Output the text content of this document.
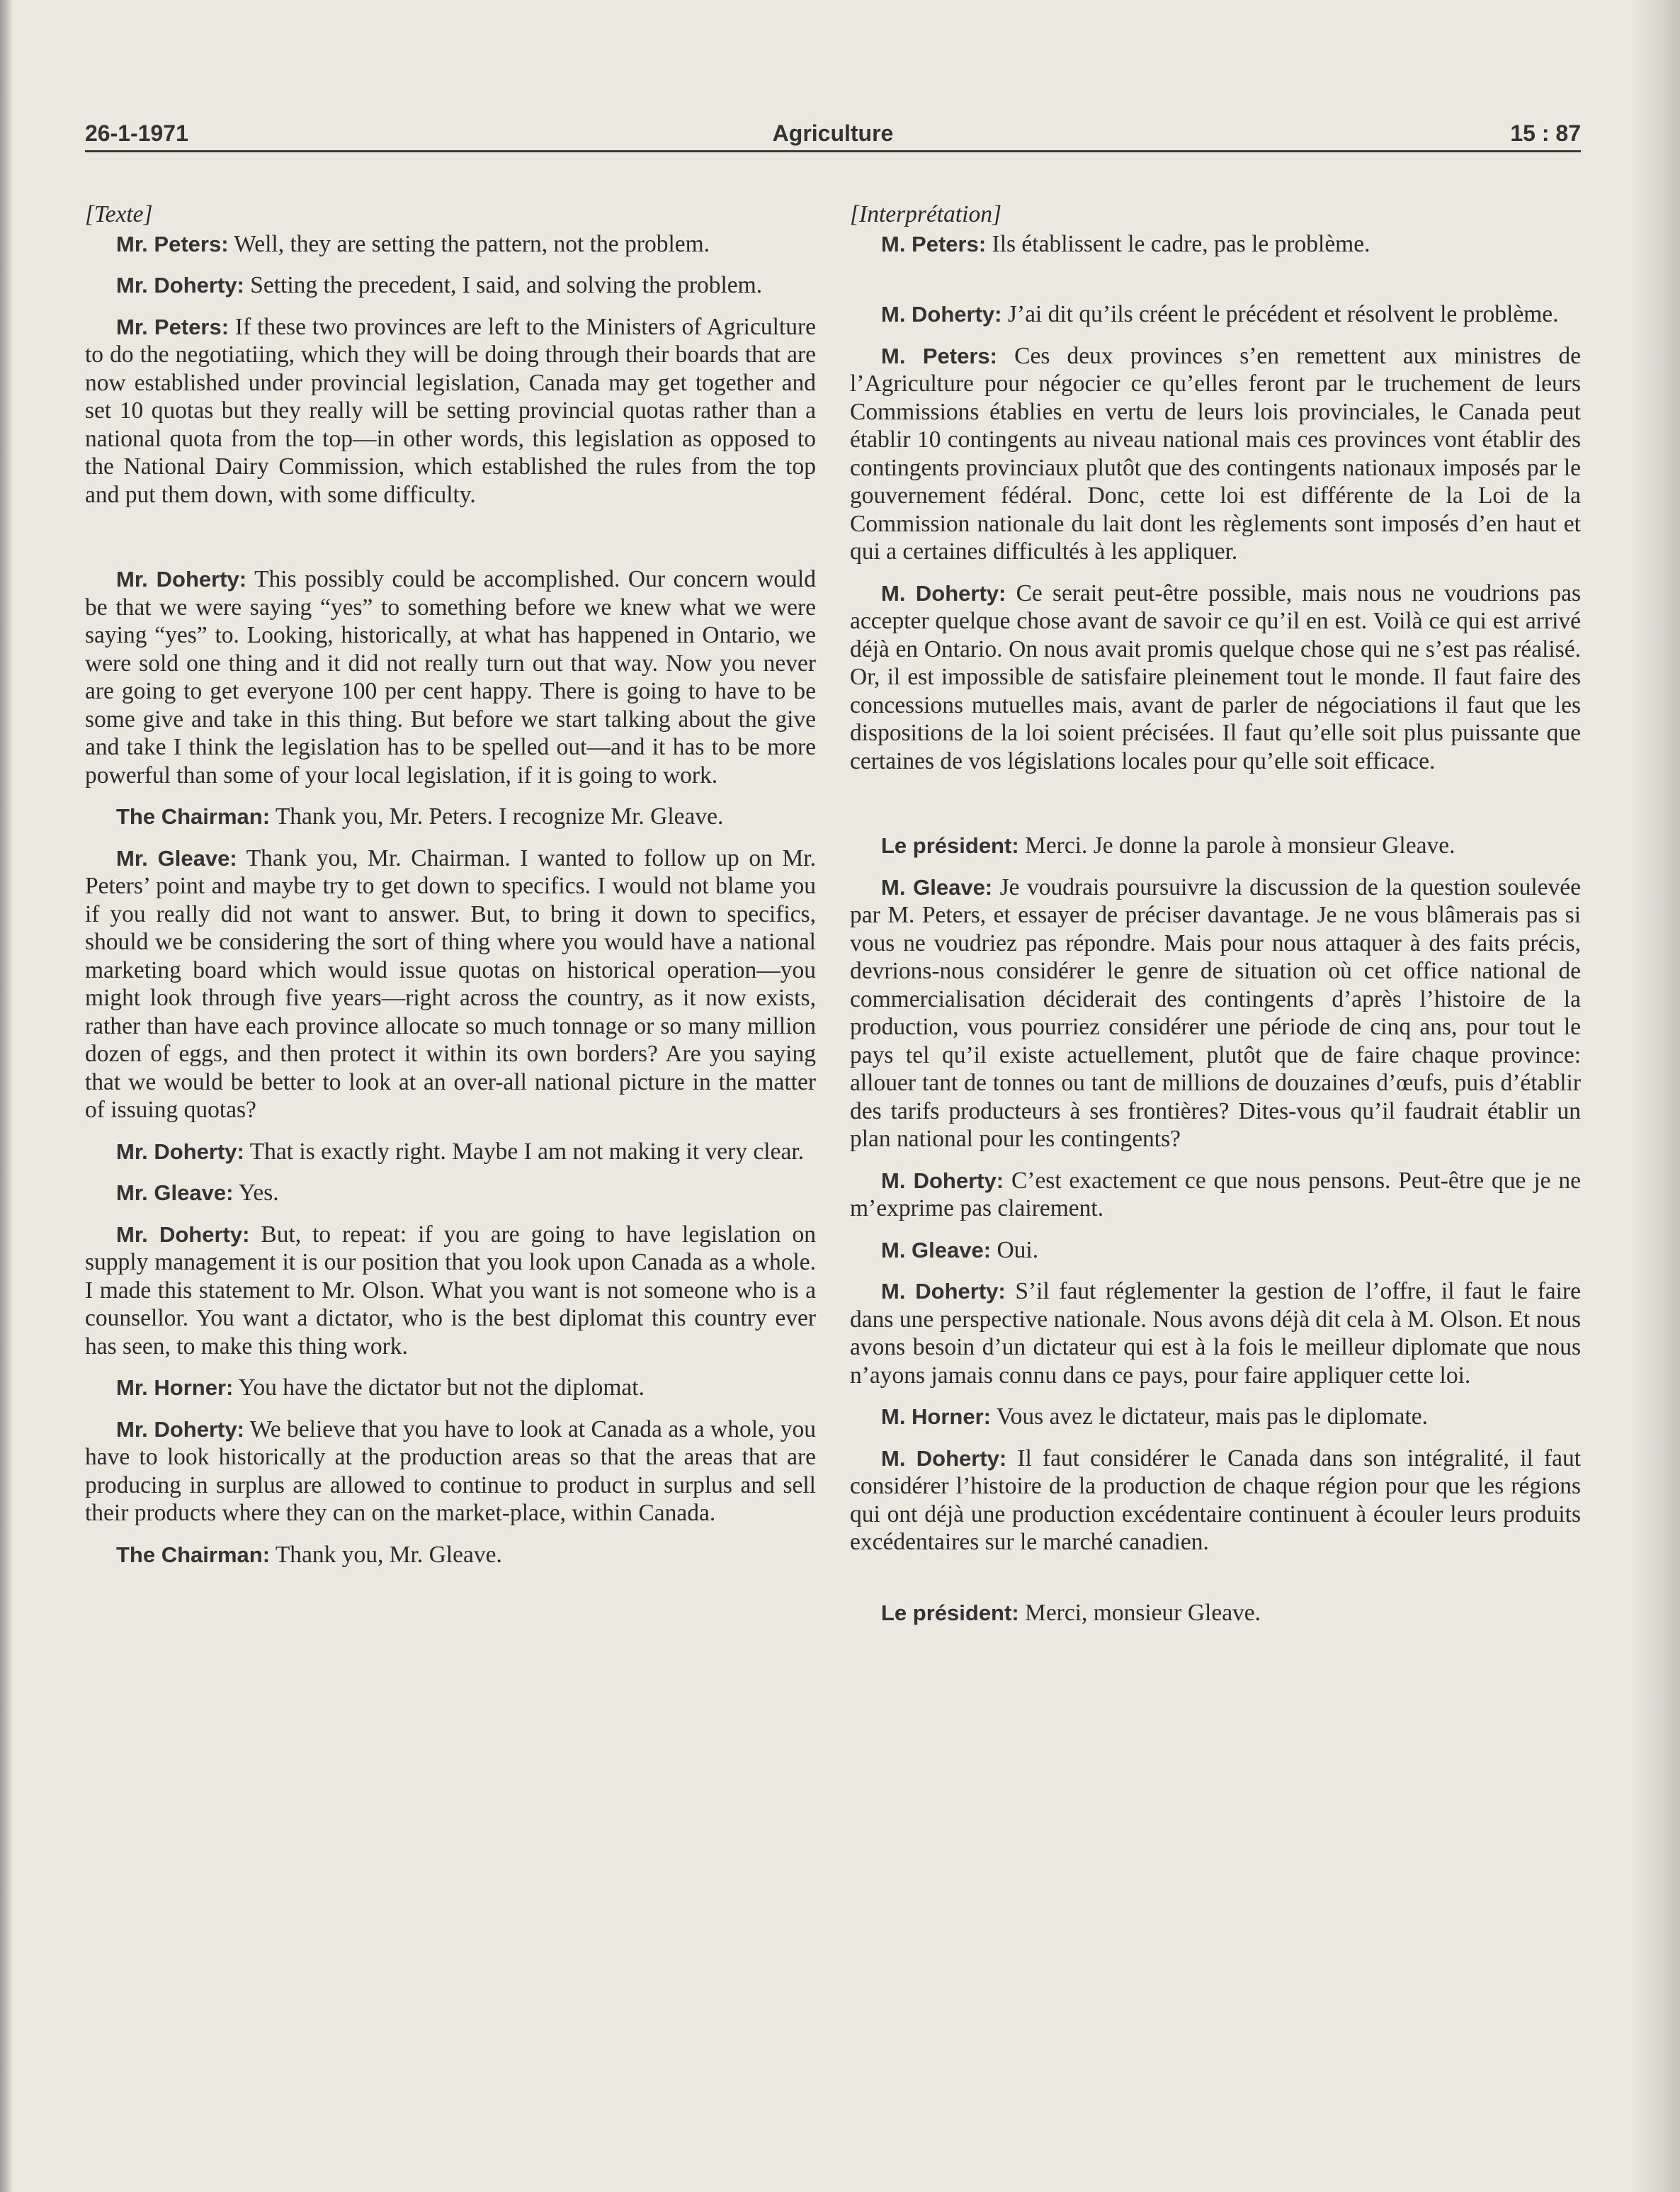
26-1-1971	Agriculture	15 : 87

[Texte]

Mr. Peters: Well, they are setting the pattern, not the problem.

Mr. Doherty: Setting the precedent, I said, and solving the problem.

Mr. Peters: If these two provinces are left to the Ministers of Agriculture to do the negotiatiing, which they will be doing through their boards that are now established under provincial legislation, Canada may get together and set 10 quotas but they really will be setting provincial quotas rather than a national quota from the top—in other words, this legislation as opposed to the National Dairy Commission, which established the rules from the top and put them down, with some difficulty.

Mr. Doherty: This possibly could be accomplished. Our concern would be that we were saying “yes” to something before we knew what we were saying “yes” to. Looking, historically, at what has happened in Ontario, we were sold one thing and it did not really turn out that way. Now you never are going to get everyone 100 per cent happy. There is going to have to be some give and take in this thing. But before we start talking about the give and take I think the legislation has to be spelled out—and it has to be more powerful than some of your local legislation, if it is going to work.

The Chairman: Thank you, Mr. Peters. I recognize Mr. Gleave.

Mr. Gleave: Thank you, Mr. Chairman. I wanted to follow up on Mr. Peters’ point and maybe try to get down to specifics. I would not blame you if you really did not want to answer. But, to bring it down to specifics, should we be considering the sort of thing where you would have a national marketing board which would issue quotas on historical operation—you might look through five years—right across the country, as it now exists, rather than have each province allocate so much tonnage or so many million dozen of eggs, and then protect it within its own borders? Are you saying that we would be better to look at an over-all national picture in the matter of issuing quotas?

Mr. Doherty: That is exactly right. Maybe I am not making it very clear.

Mr. Gleave: Yes.

Mr. Doherty: But, to repeat: if you are going to have legislation on supply management it is our position that you look upon Canada as a whole. I made this statement to Mr. Olson. What you want is not someone who is a counsellor. You want a dictator, who is the best diplomat this country ever has seen, to make this thing work.

Mr. Horner: You have the dictator but not the diplomat.

Mr. Doherty: We believe that you have to look at Canada as a whole, you have to look historically at the production areas so that the areas that are producing in surplus are allowed to continue to product in surplus and sell their products where they can on the market-place, within Canada.

The Chairman: Thank you, Mr. Gleave.

[Interprétation]

M. Peters: Ils établissent le cadre, pas le problème.

M. Doherty: J’ai dit qu’ils créent le précédent et résolvent le problème.

M. Peters: Ces deux provinces s’en remettent aux ministres de l’Agriculture pour négocier ce qu’elles feront par le truchement de leurs Commissions établies en vertu de leurs lois provinciales, le Canada peut établir 10 contingents au niveau national mais ces provinces vont établir des contingents provinciaux plutôt que des contingents nationaux imposés par le gouvernement fédéral. Donc, cette loi est différente de la Loi de la Commission nationale du lait dont les règlements sont imposés d’en haut et qui a certaines difficultés à les appliquer.

M. Doherty: Ce serait peut-être possible, mais nous ne voudrions pas accepter quelque chose avant de savoir ce qu’il en est. Voilà ce qui est arrivé déjà en Ontario. On nous avait promis quelque chose qui ne s’est pas réalisé. Or, il est impossible de satisfaire pleinement tout le monde. Il faut faire des concessions mutuelles mais, avant de parler de négociations il faut que les dispositions de la loi soient précisées. Il faut qu’elle soit plus puissante que certaines de vos législations locales pour qu’elle soit efficace.

Le président: Merci. Je donne la parole à monsieur Gleave.

M. Gleave: Je voudrais poursuivre la discussion de la question soulevée par M. Peters, et essayer de préciser davantage. Je ne vous blâmerais pas si vous ne voudriez pas répondre. Mais pour nous attaquer à des faits précis, devrions-nous considérer le genre de situation où cet office national de commercialisation déciderait des contingents d’après l’histoire de la production, vous pourriez considérer une période de cinq ans, pour tout le pays tel qu’il existe actuellement, plutôt que de faire chaque province: allouer tant de tonnes ou tant de millions de douzaines d’œufs, puis d’établir des tarifs producteurs à ses frontières? Dites-vous qu’il faudrait établir un plan national pour les contingents?

M. Doherty: C’est exactement ce que nous pensons. Peut-être que je ne m’exprime pas clairement.

M. Gleave: Oui.

M. Doherty: S’il faut réglementer la gestion de l’offre, il faut le faire dans une perspective nationale. Nous avons déjà dit cela à M. Olson. Et nous avons besoin d’un dictateur qui est à la fois le meilleur diplomate que nous n’ayons jamais connu dans ce pays, pour faire appliquer cette loi.

M. Horner: Vous avez le dictateur, mais pas le diplomate.

M. Doherty: Il faut considérer le Canada dans son intégralité, il faut considérer l’histoire de la production de chaque région pour que les régions qui ont déjà une production excédentaire continuent à écouler leurs produits excédentaires sur le marché canadien.

Le président: Merci, monsieur Gleave.
